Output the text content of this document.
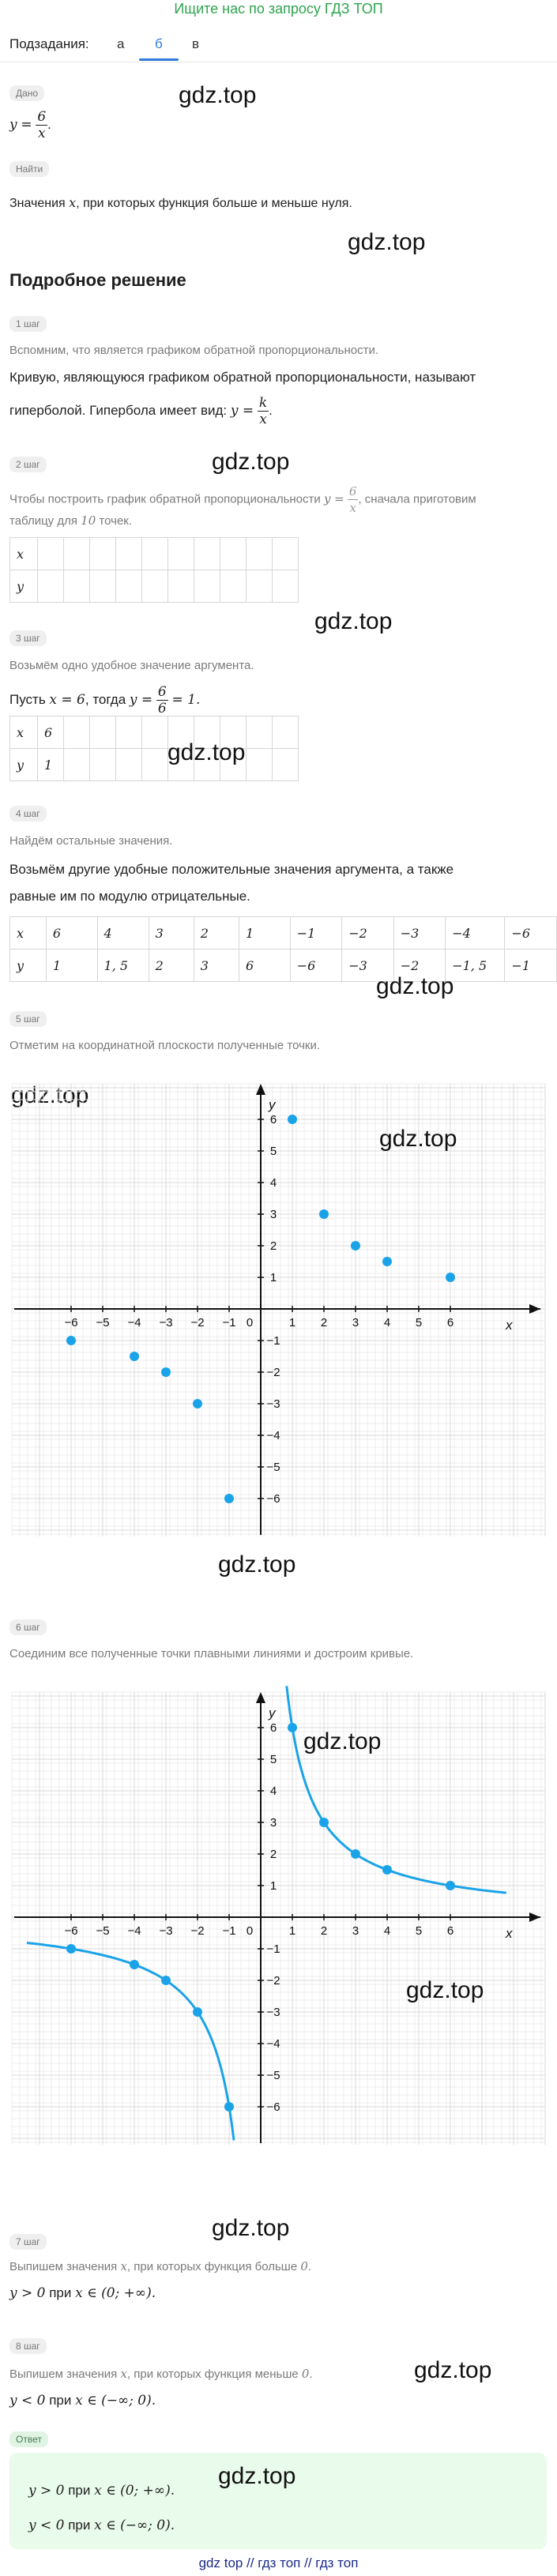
Ищите нас по запросу ГДЗ ТОП
Подзадания: а б в
Дано
$y = \frac{6}{x}$ .
gdz.top
Найти
Значения x, при которых функция больше и меньше нуля.
gdz.top
Подробное решение
1 шаг
Вспомним, что является графиком обратной пропорциональности.
Кривую, являющуюся графиком обратной пропорциональности, называют
гиперболой. Гипербола имеет вид: $y = \frac{k}{x}$ .
gdz.top
2 шаг
Чтобы построить график обратной пропорциональности $y = \frac{6}{x}$ , сначала приготовим
таблицу для 10 точек.
x										
y										
gdz.top
3 шаг
Возьмём одно удобное значение аргумента.
Пусть x = 6, тогда $y = \frac{6}{6} = 1$.
x	6									
y	1										gdz.top
4 шаг
Найдём остальные значения.
Возьмём другие удобные положительные значения аргумента, а также
равные им по модулю отрицательные.
x	6	4	3	2	1	−1	−2	−3	−4	−6
y	1	1, 5	2	3	6	−6	−3	−2	−1, 5	−1
gdz.top
5 шаг
Отметим на координатной плоскости полученные точки.
gdz.top
x
y
−6 −5 −4 −3 −2 −1 0	1 2 3 4 5 6
6
5
4
3
2
1
−1
−2
−3
−4
−5
−6
gdz.top
gdz.top
6 шаг
Соединим все полученные точки плавными линиями и достроим кривые.
x
y
−6 −5 −4 −3 −2 −1 0	1 2 3 4 5 6
6
5
4
3
2
1
−1
−2
−3
−4
−5
−6
gdz.top
gdz.top
gdz.top
7 шаг
Выпишем значения x, при которых функция больше 0.
y > 0 при x ∈ (0; +∞).
8 шаг
gdz.top
Выпишем значения x, при которых функция меньше 0.
y < 0 при x ∈ (−∞; 0).
Ответ
y > 0 при x ∈ (0; +∞).
y < 0 при x ∈ (−∞; 0).
gdz.top
gdz top // гдз топ // гдз топ
